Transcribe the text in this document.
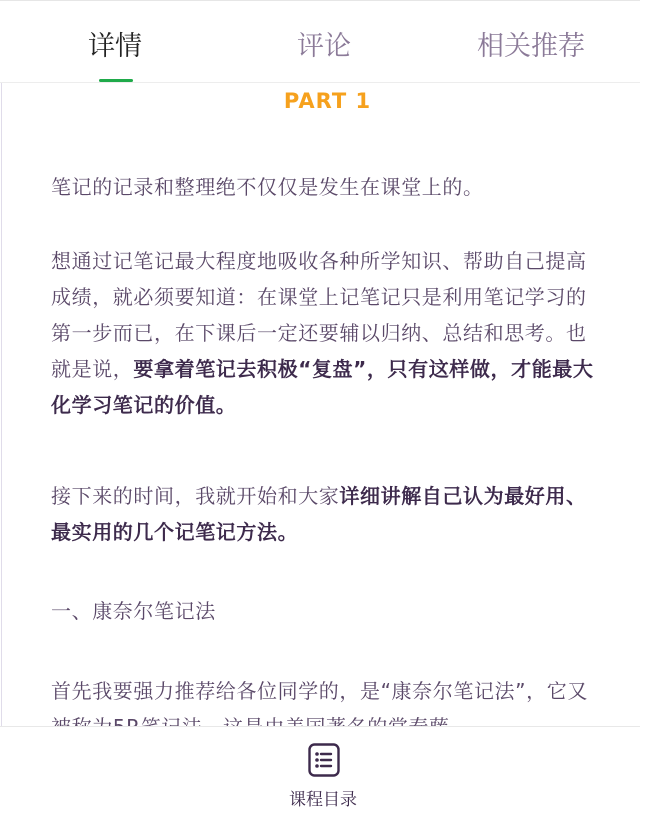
详情	评论	相关推荐
PART 1
笔记的记录和整理绝不仅仅是发生在课堂上的。
想通过记笔记最大程度地吸收各种所学知识、帮助自己提高成绩，就必须要知道：在课堂上记笔记只是利用笔记学习的第一步而已，在下课后一定还要辅以归纳、总结和思考。也就是说，要拿着笔记去积极“复盘”，只有这样做，才能最大化学习笔记的价值。
接下来的时间，我就开始和大家详细讲解自己认为最好用、最实用的几个记笔记方法。
一、康奈尔笔记法
首先我要强力推荐给各位同学的，是“康奈尔笔记法”，它又
课程目录
